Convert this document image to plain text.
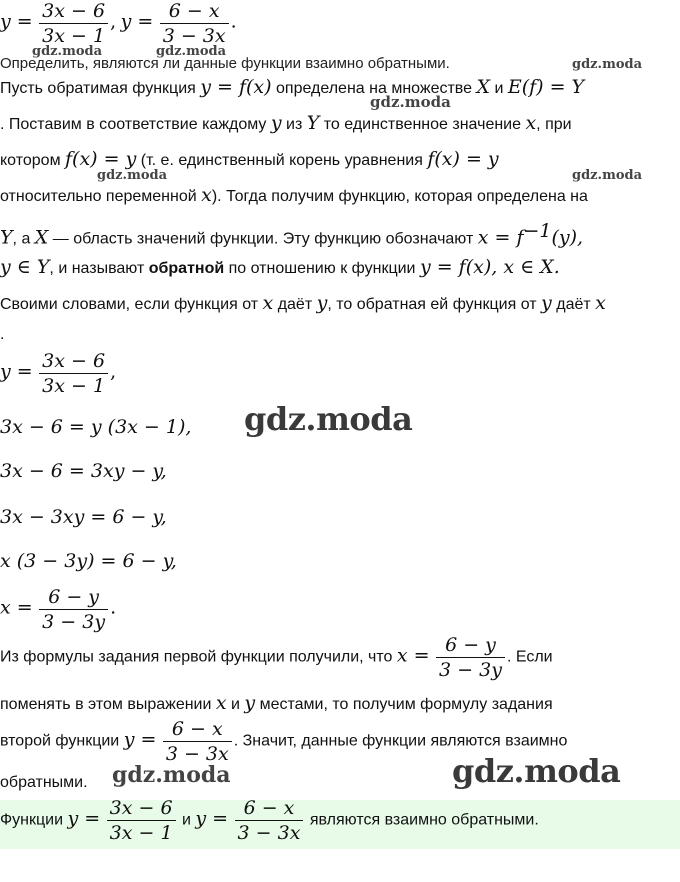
$y = \frac{3x - 6}{3x - 1}$ , $y = \frac{6 - x}{3 - 3x}$ .
Определить, являются ли данные функции взаимно обратными.
gdz.moda	gdz.moda
gdz.moda
gdz.moda
gdz.moda	gdz.moda
Пусть обратимая функция y = f(x) определена на множестве X и E(f) = Y
. Поставим в соответствие каждому y из Y то единственное значение x, при
котором f(x) = y (т. е. единственный корень уравнения f(x) = y
относительно переменной x). Тогда получим функцию, которая определена на
Y, а X — область значений функции. Эту функцию обозначают $x = f^{-1}(y)$,
y ∈ Y, и называют обратной по отношению к функции y = f(x), x ∈ X.
Своими словами, если функция от x даёт y, то обратная ей функция от y даёт x
.
$y = \frac{3x - 6}{3x - 1}$ ,
gdz.moda
3x − 6 = y (3x − 1),
3x − 6 = 3xy − y,
3x − 3xy = 6 − y,
x (3 − 3y) = 6 − y,
$x = \frac{6 - y}{3 - 3y}$ .
Из формулы задания первой функции получили, что $x = \frac{6 - y}{3 - 3y}$ . Если
поменять в этом выражении x и y местами, то получим формулу задания
второй функции $y = \frac{6 - x}{3 - 3x}$ . Значит, данные функции являются взаимно
обратными. gdz.moda	gdz.moda
Функции $y = \frac{3x - 6}{3x - 1}$ и $y = \frac{6 - x}{3 - 3x}$ являются взаимно обратными.
